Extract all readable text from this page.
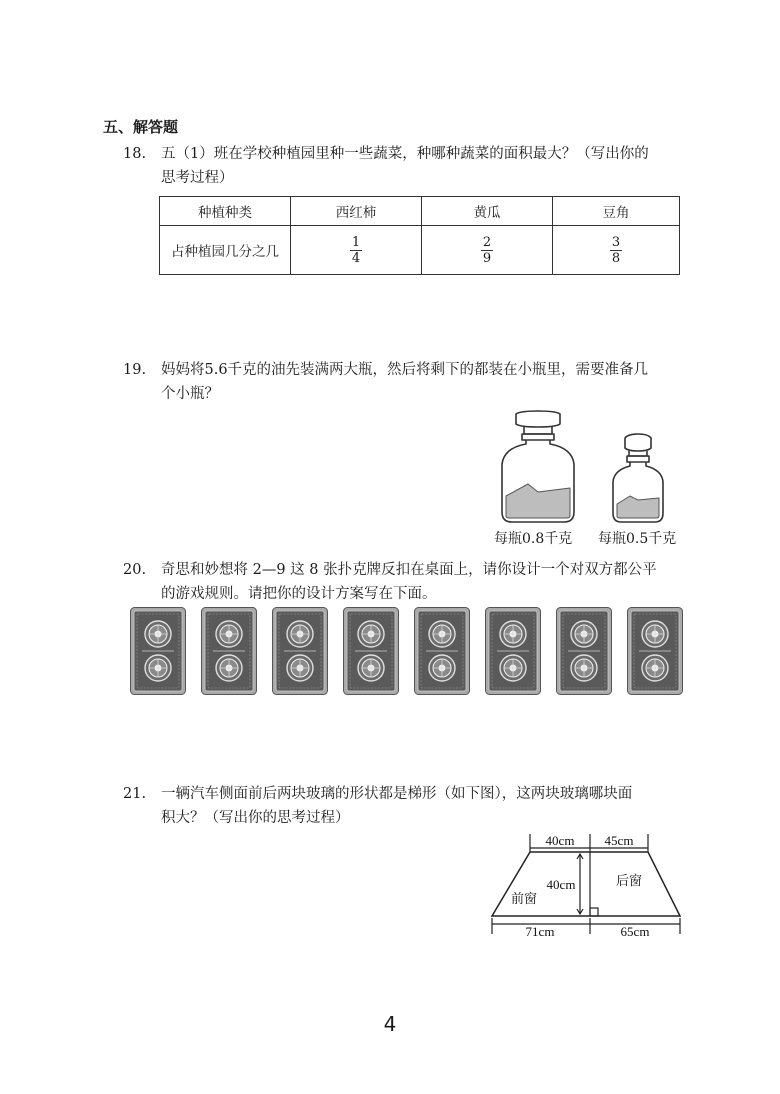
五、解答题
18. 五（1）班在学校种植园里种一些蔬菜，种哪种蔬菜的面积最大？（写出你的
思考过程）
种植种类	西红柿	黄瓜	豆角
占种植园几分之几	$\frac{1}{4}$	$\frac{2}{9}$	$\frac{3}{8}$
19. 妈妈将5.6千克的油先装满两大瓶，然后将剩下的都装在小瓶里，需要准备几
个小瓶？
每瓶0.8千克 每瓶0.5千克
20. 奇思和妙想将 2—9 这 8 张扑克牌反扣在桌面上，请你设计一个对双方都公平
的游戏规则。请把你的设计方案写在下面。
21. 一辆汽车侧面前后两块玻璃的形状都是梯形（如下图），这两块玻璃哪块面
积大？（写出你的思考过程）
40cm 45cm
40cm
前窗
后窗
71cm	65cm
4
